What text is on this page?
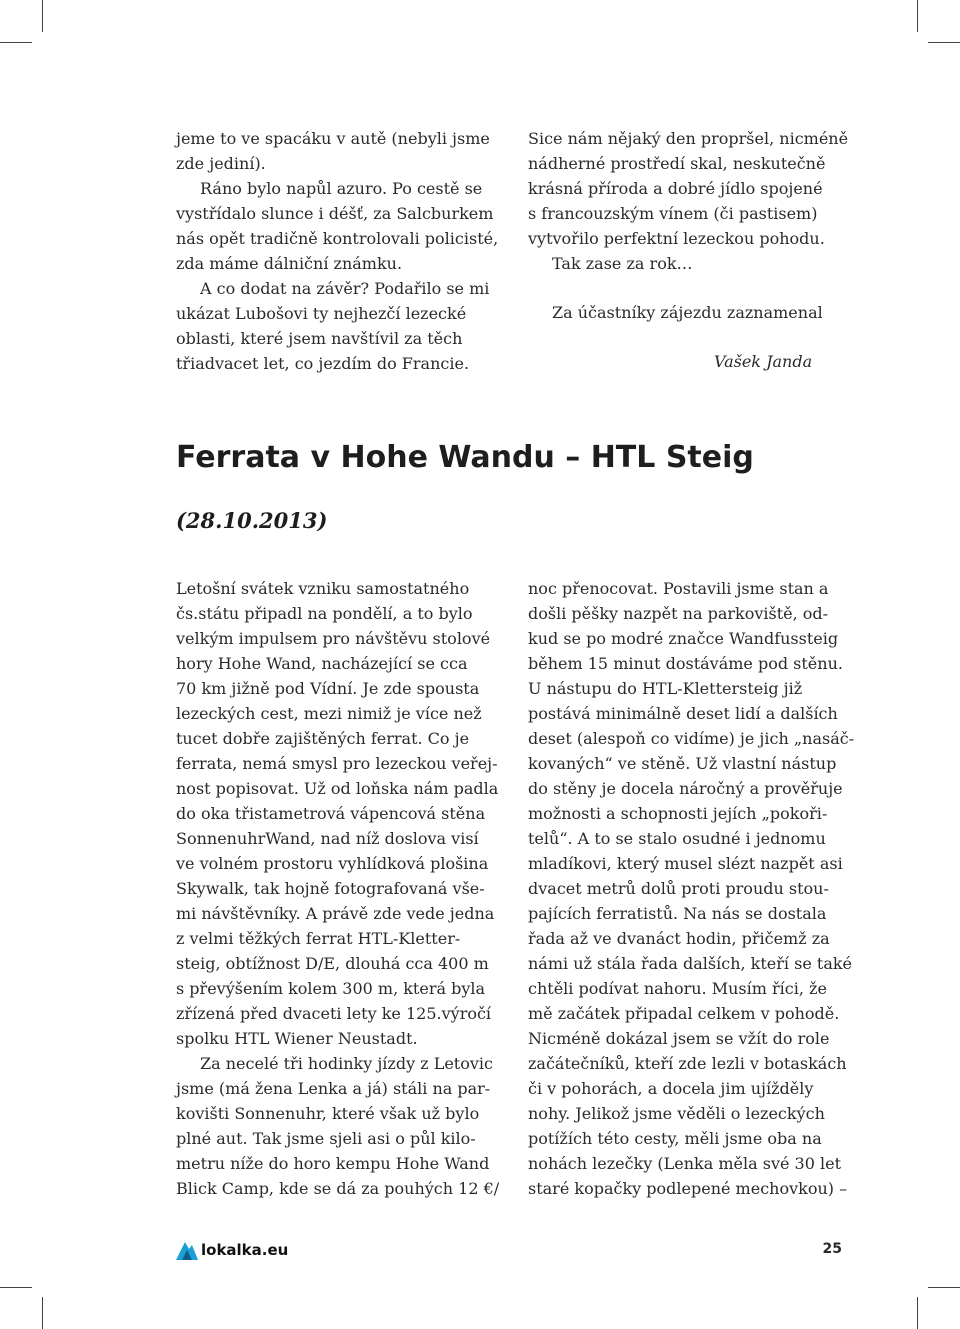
jeme to ve spacáku v autě (nebyli jsme

zde jediní).

Ráno bylo napůl azuro. Po cestě se

vystřídalo slunce i déšť, za Salcburkem

nás opět tradičně kontrolovali policisté,

zda máme dálniční známku.

A co dodat na závěr? Podařilo se mi

ukázat Lubošovi ty nejhezčí lezecké

oblasti, které jsem navštívil za těch

třiadvacet let, co jezdím do Francie.

Sice nám nějaký den propršel, nicméně

nádherné prostředí skal, neskutečně

krásná příroda a dobré jídlo spojené

s francouzským vínem (či pastisem)

vytvořilo perfektní lezeckou pohodu.

Tak zase za rok…

Za účastníky zájezdu zaznamenal

Vašek Janda

Ferrata v Hohe Wandu – HTL Steig
(28.10.2013)

Letošní svátek vzniku samostatného

čs.státu připadl na pondělí, a to bylo

velkým impulsem pro návštěvu stolové

hory Hohe Wand, nacházející se cca

70 km jižně pod Vídní. Je zde spousta

lezeckých cest, mezi nimiž je více než

tucet dobře zajištěných ferrat. Co je

ferrata, nemá smysl pro lezeckou veřej-

nost popisovat. Už od loňska nám padla

do oka třistametrová vápencová stěna

SonnenuhrWand, nad níž doslova visí

ve volném prostoru vyhlídková plošina

Skywalk, tak hojně fotografovaná vše-

mi návštěvníky. A právě zde vede jedna

z velmi těžkých ferrat HTL-Kletter-

steig, obtížnost D/E, dlouhá cca 400 m

s převýšením kolem 300 m, která byla

zřízená před dvaceti lety ke 125.výročí

spolku HTL Wiener Neustadt.

Za necelé tři hodinky jízdy z Letovic

jsme (má žena Lenka a já) stáli na par-

kovišti Sonnenuhr, které však už bylo

plné aut. Tak jsme sjeli asi o půl kilo-

metru níže do horo kempu Hohe Wand

Blick Camp, kde se dá za pouhých 12 €/

noc přenocovat. Postavili jsme stan a

došli pěšky nazpět na parkoviště, od-

kud se po modré značce Wandfussteig

během 15 minut dostáváme pod stěnu.

U nástupu do HTL-Klettersteig již

postává minimálně deset lidí a dalších

deset (alespoň co vidíme) je jich „nasáč-

kovaných“ ve stěně. Už vlastní nástup

do stěny je docela náročný a prověřuje

možnosti a schopnosti jejích „pokoři-

telů“. A to se stalo osudné i jednomu

mladíkovi, který musel slézt nazpět asi

dvacet metrů dolů proti proudu stou-

pajících ferratistů. Na nás se dostala

řada až ve dvanáct hodin, přičemž za

námi už stála řada dalších, kteří se také

chtěli podívat nahoru. Musím říci, že

mě začátek připadal celkem v pohodě.

Nicméně dokázal jsem se vžít do role

začátečníků, kteří zde lezli v botaskách

či v pohorách, a docela jim ujížděly

nohy. Jelikož jsme věděli o lezeckých

potížích této cesty, měli jsme oba na

nohách lezečky (Lenka měla své 30 let

staré kopačky podlepené mechovkou) –

lokalka.eu	25
